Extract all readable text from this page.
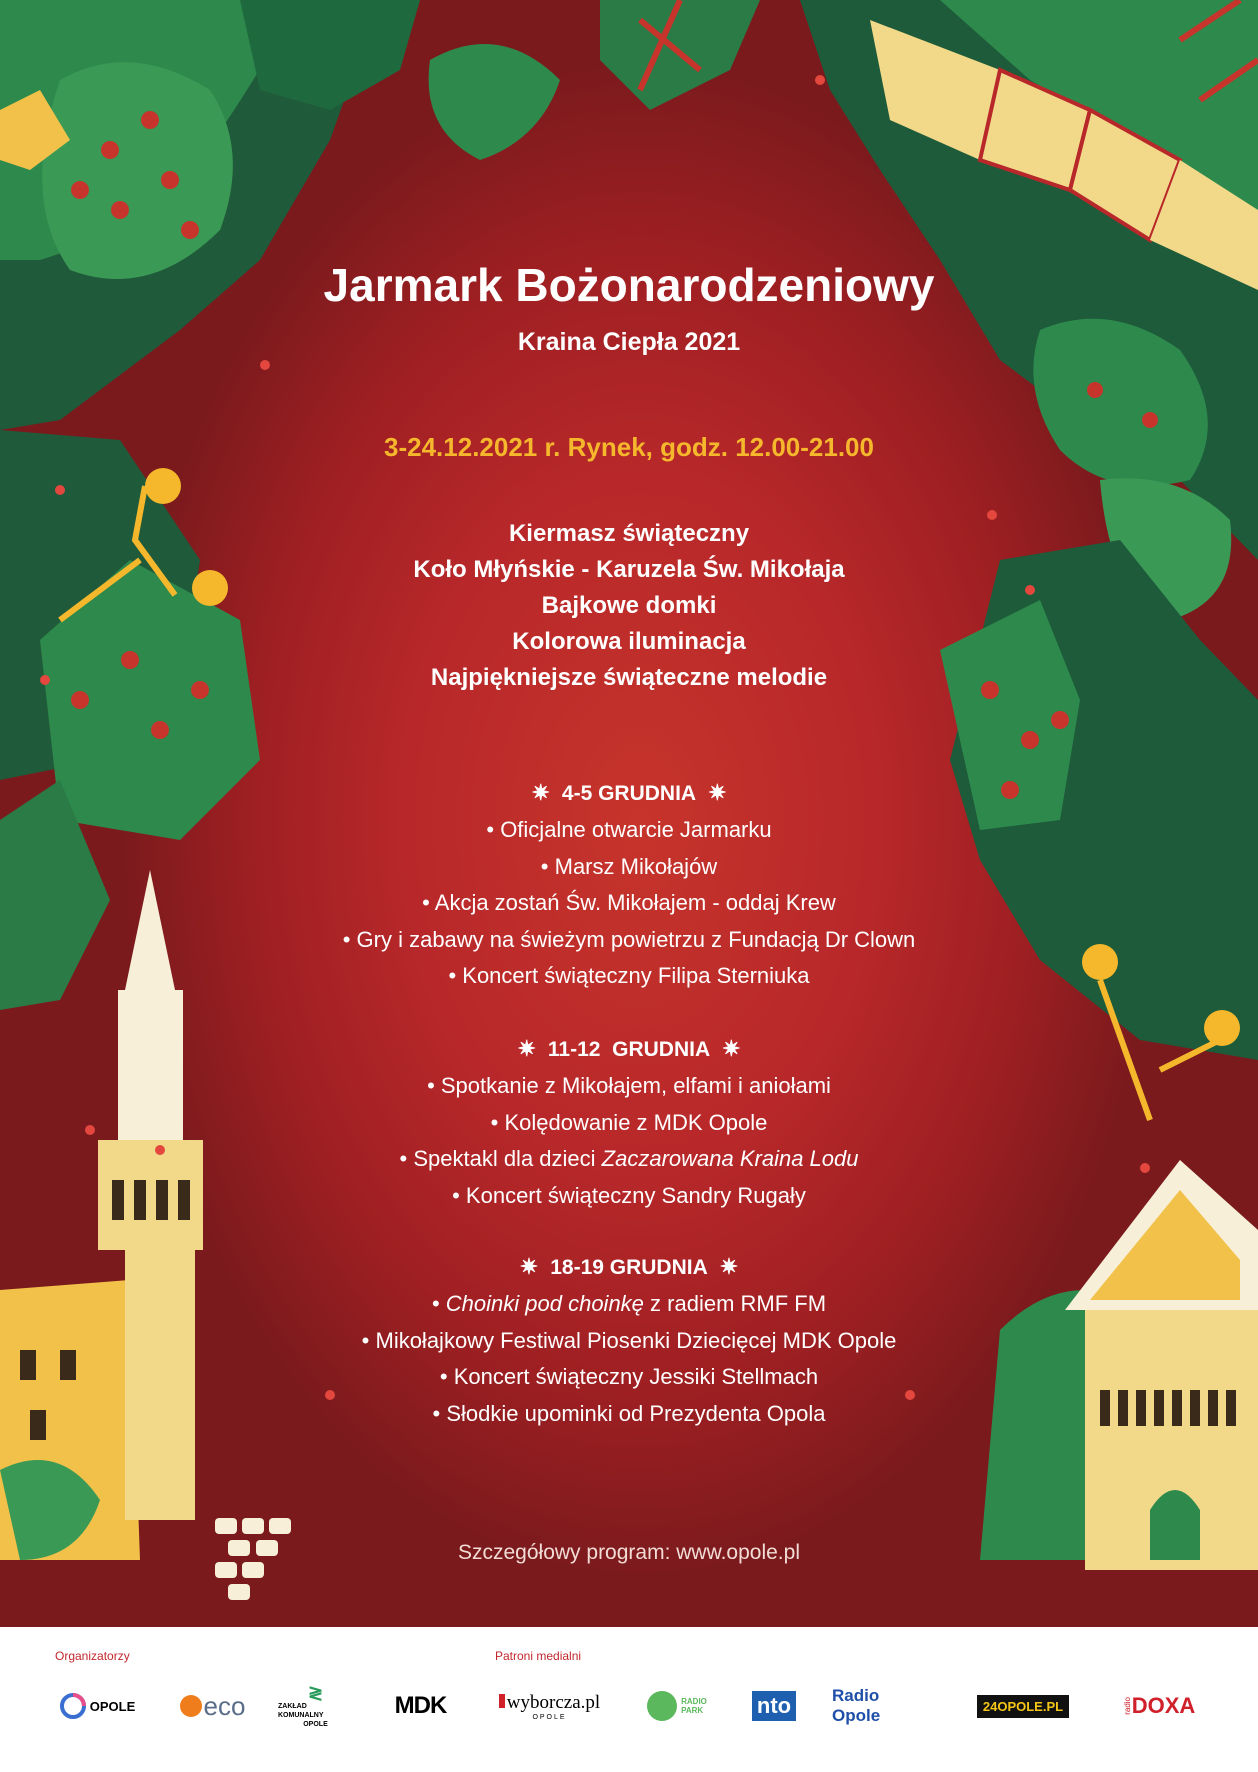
Jarmark Bożonarodzeniowy
Kraina Ciepła 2021
3-24.12.2021 r. Rynek, godz. 12.00-21.00
Kiermasz świąteczny
Koło Młyńskie - Karuzela Św. Mikołaja
Bajkowe domki
Kolorowa iluminacja
Najpiękniejsze świąteczne melodie
✷ 4-5 GRUDNIA ✷
• Oficjalne otwarcie Jarmarku
• Marsz Mikołajów
• Akcja zostań Św. Mikołajem - oddaj Krew
• Gry i zabawy na świeżym powietrzu z Fundacją Dr Clown
• Koncert świąteczny Filipa Sterniuka
✷ 11-12  GRUDNIA ✷
• Spotkanie z Mikołajem, elfami i aniołami
• Kolędowanie z MDK Opole
• Spektakl dla dzieci Zaczarowana Kraina Lodu
• Koncert świąteczny Sandry Rugały
✷ 18-19 GRUDNIA ✷
• Choinki pod choinkę z radiem RMF FM
• Mikołajkowy Festiwal Piosenki Dziecięcej MDK Opole
• Koncert świąteczny Jessiki Stellmach
• Słodkie upominki od Prezydenta Opola
Szczegółowy program: www.opole.pl
Organizatorzy	Patroni medialni
OPOLE	eco	≷
ZAKŁAD KOMUNALNY
OPOLE
MDK	wyborcza.pl
OPOLE
RADIO
PARK nto Radio Opole	24OPOLE.PL	radio DOXA
